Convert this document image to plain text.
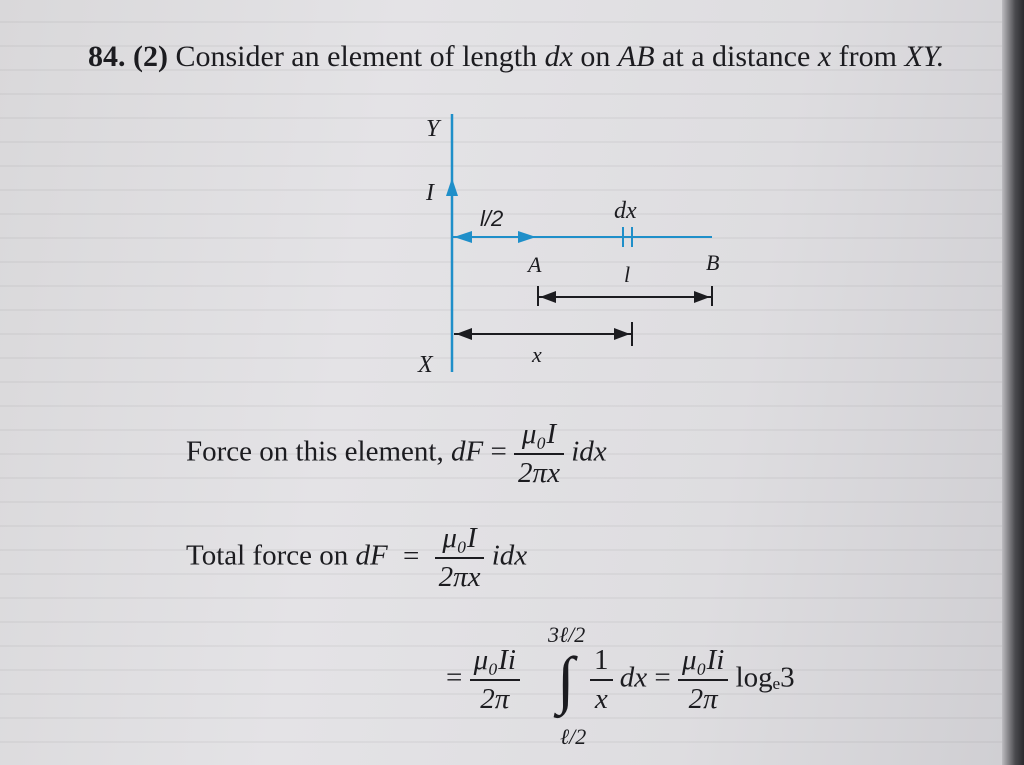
84. (2) Consider an element of length dx on AB at a distance x from XY.
Y
I
l/2	dx
A	B
l
X	x
Force on this element, dF = $\frac{\text{μ₀I}}{2\pi x}$ idx
Total force on dF = $\frac{\text{μ₀I}}{2\pi x}$ idx
= $\frac{\text{μ₀Ii}}{2\pi}$ ∫
3ℓ/2
ℓ/2
$\frac{1}{x}$ dx = $\frac{\text{μ₀Ii}}{2\pi} \log_e3$
